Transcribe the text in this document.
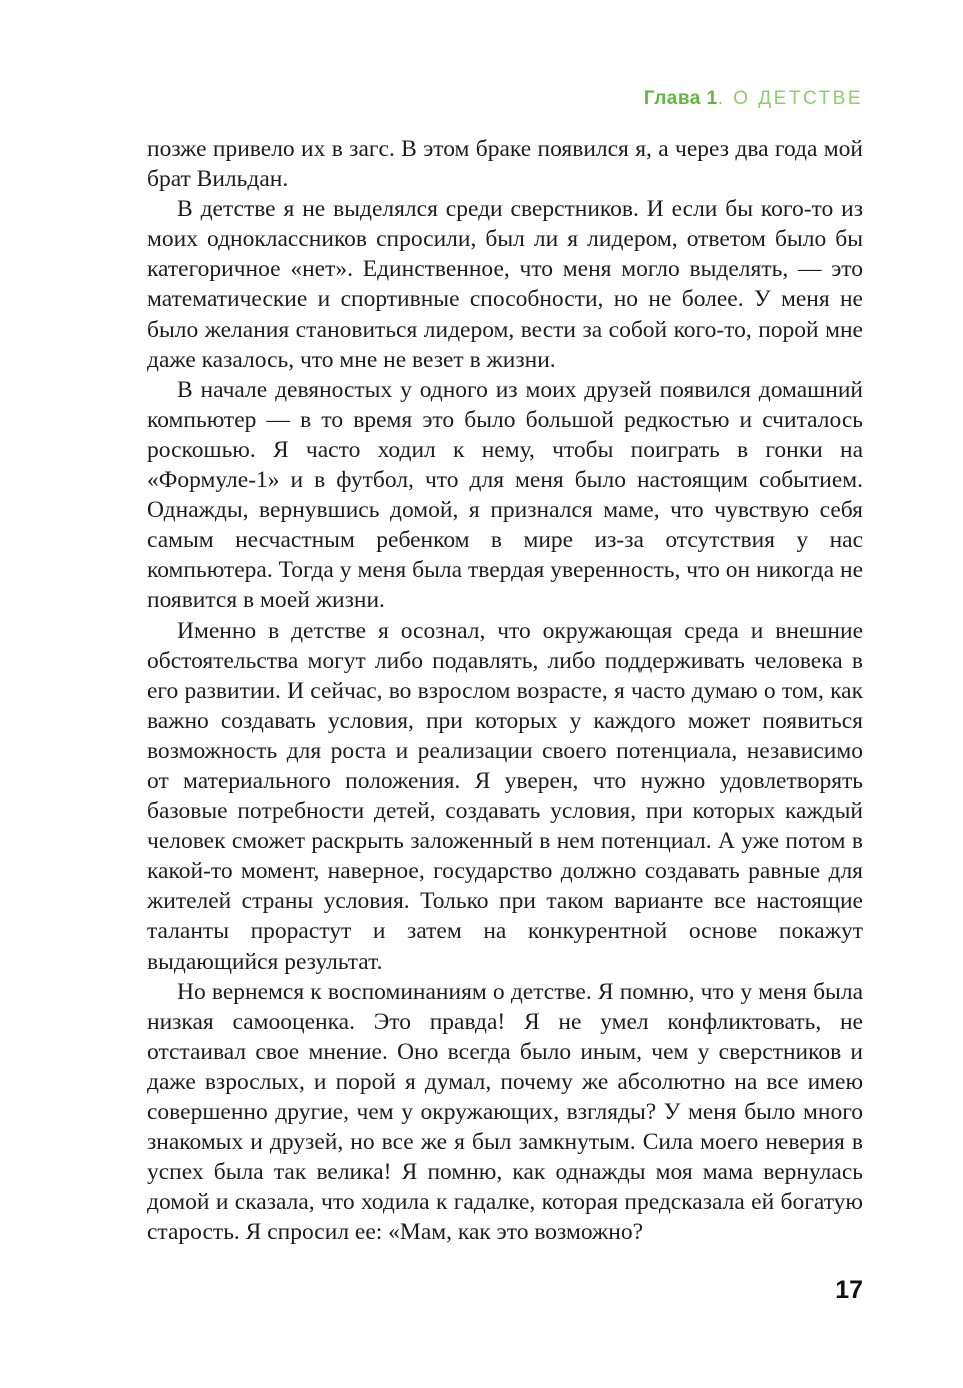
Глава 1. О ДЕТСТВЕ

позже привело их в загс. В этом браке появился я, а через два года мой брат Вильдан.

В детстве я не выделялся среди сверстников. И если бы кого-то из моих одноклассников спросили, был ли я лидером, ответом было бы категоричное «нет». Единственное, что меня могло выделять, — это математические и спортивные способности, но не более. У меня не было желания становиться лидером, вести за собой кого-то, порой мне даже казалось, что мне не везет в жизни.

В начале девяностых у одного из моих друзей появился домашний компьютер — в то время это было большой редкостью и считалось роскошью. Я часто ходил к нему, чтобы поиграть в гонки на «Формуле-1» и в футбол, что для меня было настоящим событием. Однажды, вернувшись домой, я признался маме, что чувствую себя самым несчастным ребенком в мире из-за отсутствия у нас компьютера. Тогда у меня была твердая уверенность, что он никогда не появится в моей жизни.

Именно в детстве я осознал, что окружающая среда и внешние обстоятельства могут либо подавлять, либо поддерживать человека в его развитии. И сейчас, во взрослом возрасте, я часто думаю о том, как важно создавать условия, при которых у каждого может появиться возможность для роста и реализации своего потенциала, независимо от материального положения. Я уверен, что нужно удовлетворять базовые потребности детей, создавать условия, при которых каждый человек сможет раскрыть заложенный в нем потенциал. А уже потом в какой-то момент, наверное, государство должно создавать равные для жителей страны условия. Только при таком варианте все настоящие таланты прорастут и затем на конкурентной основе покажут выдающийся результат.

Но вернемся к воспоминаниям о детстве. Я помню, что у меня была низкая самооценка. Это правда! Я не умел конфликтовать, не отстаивал свое мнение. Оно всегда было иным, чем у сверстников и даже взрослых, и порой я думал, почему же абсолютно на все имею совершенно другие, чем у окружающих, взгляды? У меня было много знакомых и друзей, но все же я был замкнутым. Сила моего неверия в успех была так велика! Я помню, как однажды моя мама вернулась домой и сказала, что ходила к гадалке, которая предсказала ей богатую старость. Я спросил ее: «Мам, как это возможно?

17
